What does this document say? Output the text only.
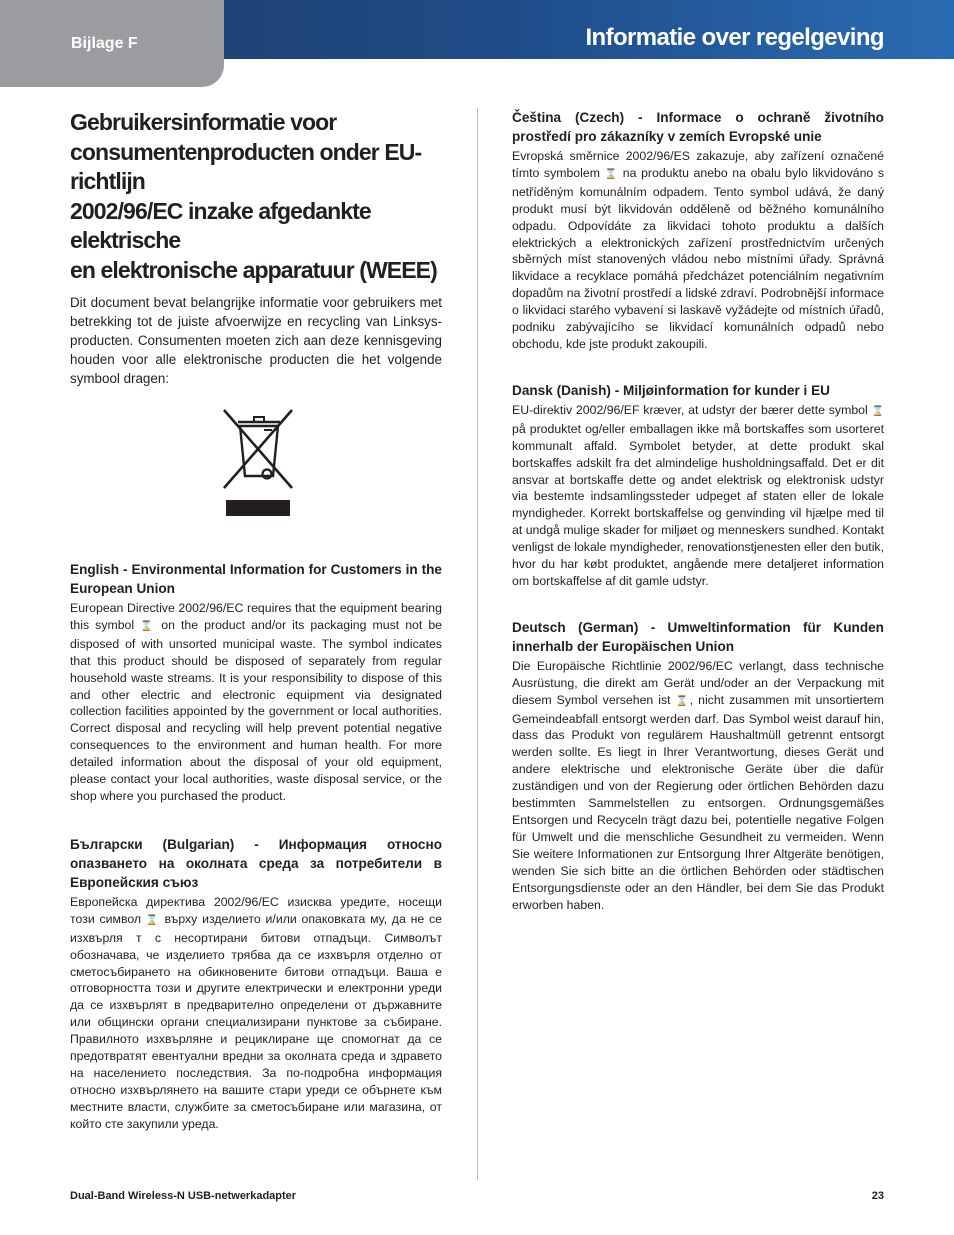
Bijlage F	Informatie over regelgeving
Gebruikersinformatie voor
consumentenproducten onder EU-richtlijn
2002/96/EC inzake afgedankte elektrische
en elektronische apparatuur (WEEE)

Dit document bevat belangrijke informatie voor gebruikers met betrekking tot de juiste afvoerwijze en recycling van Linksys-producten. Consumenten moeten zich aan deze kennisgeving houden voor alle elektronische producten die het volgende symbool dragen:

English - Environmental Information for Customers in the European Union

European Directive 2002/96/EC requires that the equipment bearing this symbol ⌛ on the product and/or its packaging must not be disposed of with unsorted municipal waste. The symbol indicates that this product should be disposed of separately from regular household waste streams. It is your responsibility to dispose of this and other electric and electronic equipment via designated collection facilities appointed by the government or local authorities. Correct disposal and recycling will help prevent potential negative consequences to the environment and human health. For more detailed information about the disposal of your old equipment, please contact your local authorities, waste disposal service, or the shop where you purchased the product.

Български (Bulgarian) - Информация относно опазването на околната среда за потребители в Европейския съюз

Европейска директива 2002/96/EC изисква уредите, носещи този символ ⌛ върху изделието и/или опаковката му, да не се изхвърля т с несортирани битови отпадъци. Символът обозначава, че изделието трябва да се изхвърля отделно от сметосъбирането на обикновените битови отпадъци. Ваша е отговорността този и другите електрически и електронни уреди да се изхвърлят в предварително определени от държавните или общински органи специализирани пунктове за събиране. Правилното изхвърляне и рециклиране ще спомогнат да се предотвратят евентуални вредни за околната среда и здравето на населението последствия. За по-подробна информация относно изхвърлянето на вашите стари уреди се обърнете към местните власти, службите за сметосъбиране или магазина, от който сте закупили уреда.

Čeština (Czech) - Informace o ochraně životního prostředí pro zákazníky v zemích Evropské unie

Evropská směrnice 2002/96/ES zakazuje, aby zařízení označené tímto symbolem ⌛ na produktu anebo na obalu bylo likvidováno s netříděným komunálním odpadem. Tento symbol udává, že daný produkt musí být likvidován odděleně od běžného komunálního odpadu. Odpovídáte za likvidaci tohoto produktu a dalších elektrických a elektronických zařízení prostřednictvím určených sběrných míst stanovených vládou nebo místními úřady. Správná likvidace a recyklace pomáhá předcházet potenciálním negativním dopadům na životní prostředí a lidské zdraví. Podrobnější informace o likvidaci starého vybavení si laskavě vyžádejte od místních úřadů, podniku zabývajícího se likvidací komunálních odpadů nebo obchodu, kde jste produkt zakoupili.

Dansk (Danish) - Miljøinformation for kunder i EU

EU-direktiv 2002/96/EF kræver, at udstyr der bærer dette symbol ⌛ på produktet og/eller emballagen ikke må bortskaffes som usorteret kommunalt affald. Symbolet betyder, at dette produkt skal bortskaffes adskilt fra det almindelige husholdningsaffald. Det er dit ansvar at bortskaffe dette og andet elektrisk og elektronisk udstyr via bestemte indsamlingssteder udpeget af staten eller de lokale myndigheder. Korrekt bortskaffelse og genvinding vil hjælpe med til at undgå mulige skader for miljøet og menneskers sundhed. Kontakt venligst de lokale myndigheder, renovationstjenesten eller den butik, hvor du har købt produktet, angående mere detaljeret information om bortskaffelse af dit gamle udstyr.

Deutsch (German) - Umweltinformation für Kunden innerhalb der Europäischen Union

Die Europäische Richtlinie 2002/96/EC verlangt, dass technische Ausrüstung, die direkt am Gerät und/oder an der Verpackung mit diesem Symbol versehen ist ⌛, nicht zusammen mit unsortiertem Gemeindeabfall entsorgt werden darf. Das Symbol weist darauf hin, dass das Produkt von regulärem Haushaltmüll getrennt entsorgt werden sollte. Es liegt in Ihrer Verantwortung, dieses Gerät und andere elektrische und elektronische Geräte über die dafür zuständigen und von der Regierung oder örtlichen Behörden dazu bestimmten Sammelstellen zu entsorgen. Ordnungsgemäßes Entsorgen und Recyceln trägt dazu bei, potentielle negative Folgen für Umwelt und die menschliche Gesundheit zu vermeiden. Wenn Sie weitere Informationen zur Entsorgung Ihrer Altgeräte benötigen, wenden Sie sich bitte an die örtlichen Behörden oder städtischen Entsorgungsdienste oder an den Händler, bei dem Sie das Produkt erworben haben.

Dual-Band Wireless-N USB-netwerkadapter	23
